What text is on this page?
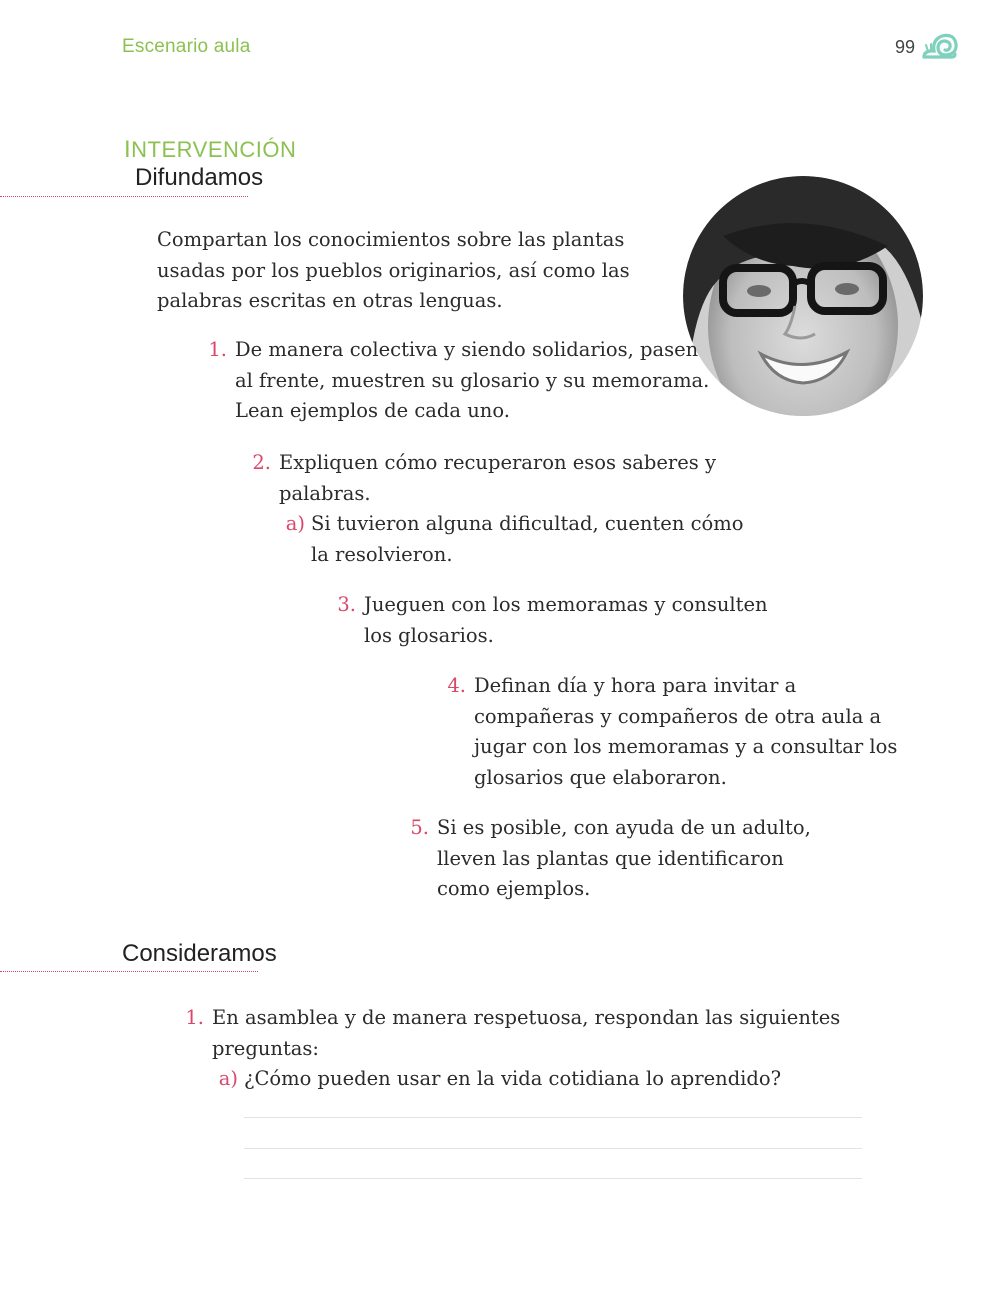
Escenario aula	99
INTERVENCIÓN
Difundamos
Compartan los conocimientos sobre las plantas
usadas por los pueblos originarios, así como las
palabras escritas en otras lenguas.
1. De manera colectiva y siendo solidarios, pasen
al frente, muestren su glosario y su memorama.
Lean ejemplos de cada uno.
2. Expliquen cómo recuperaron esos saberes y
palabras.
a) Si tuvieron alguna dificultad, cuenten cómo
la resolvieron.
3. Jueguen con los memoramas y consulten
los glosarios.
4. Definan día y hora para invitar a
compañeras y compañeros de otra aula a
jugar con los memoramas y a consultar los
glosarios que elaboraron.
5. Si es posible, con ayuda de un adulto,
lleven las plantas que identificaron
como ejemplos.
Consideramos
1. En asamblea y de manera respetuosa, respondan las siguientes
preguntas:
a) ¿Cómo pueden usar en la vida cotidiana lo aprendido?
